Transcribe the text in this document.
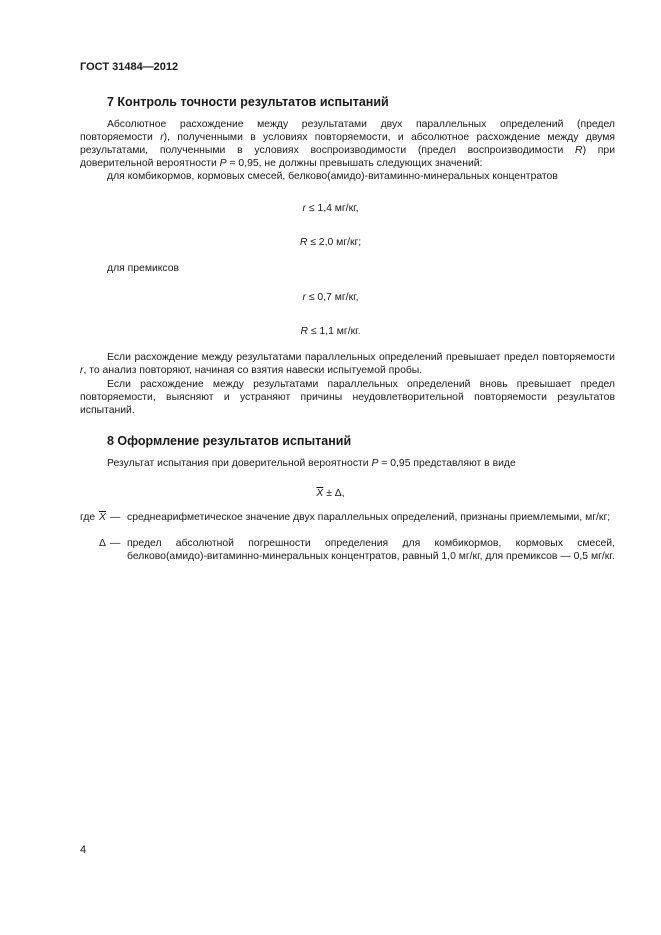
ГОСТ 31484—2012
7 Контроль точности результатов испытаний
Абсолютное расхождение между результатами двух параллельных определений (предел повторяемости r), полученными в условиях повторяемости, и абсолютное расхождение между двумя результатами, полученными в условиях воспроизводимости (предел воспроизводимости R) при доверительной вероятности P = 0,95, не должны превышать следующих значений:
для комбикормов, кормовых смесей, белково(амидо)-витаминно-минеральных концентратов
r ≤ 1,4 мг/кг,
R ≤ 2,0 мг/кг;
для премиксов
r ≤ 0,7 мг/кг,
R ≤ 1,1 мг/кг.
Если расхождение между результатами параллельных определений превышает предел повторяемости r, то анализ повторяют, начиная со взятия навески испытуемой пробы.
Если расхождение между результатами параллельных определений вновь превышает предел повторяемости, выясняют и устраняют причины неудовлетворительной повторяемости результатов испытаний.
8 Оформление результатов испытаний
Результат испытания при доверительной вероятности P = 0,95 представляют в виде
$\overline{X} \pm \Delta$,
где $\overline{X}$ — среднеарифметическое значение двух параллельных определений, признаны приемлемыми, мг/кг;
Δ — предел абсолютной погрешности определения для комбикормов, кормовых смесей, белково(амидо)-витаминно-минеральных концентратов, равный 1,0 мг/кг, для премиксов — 0,5 мг/кг.
4
